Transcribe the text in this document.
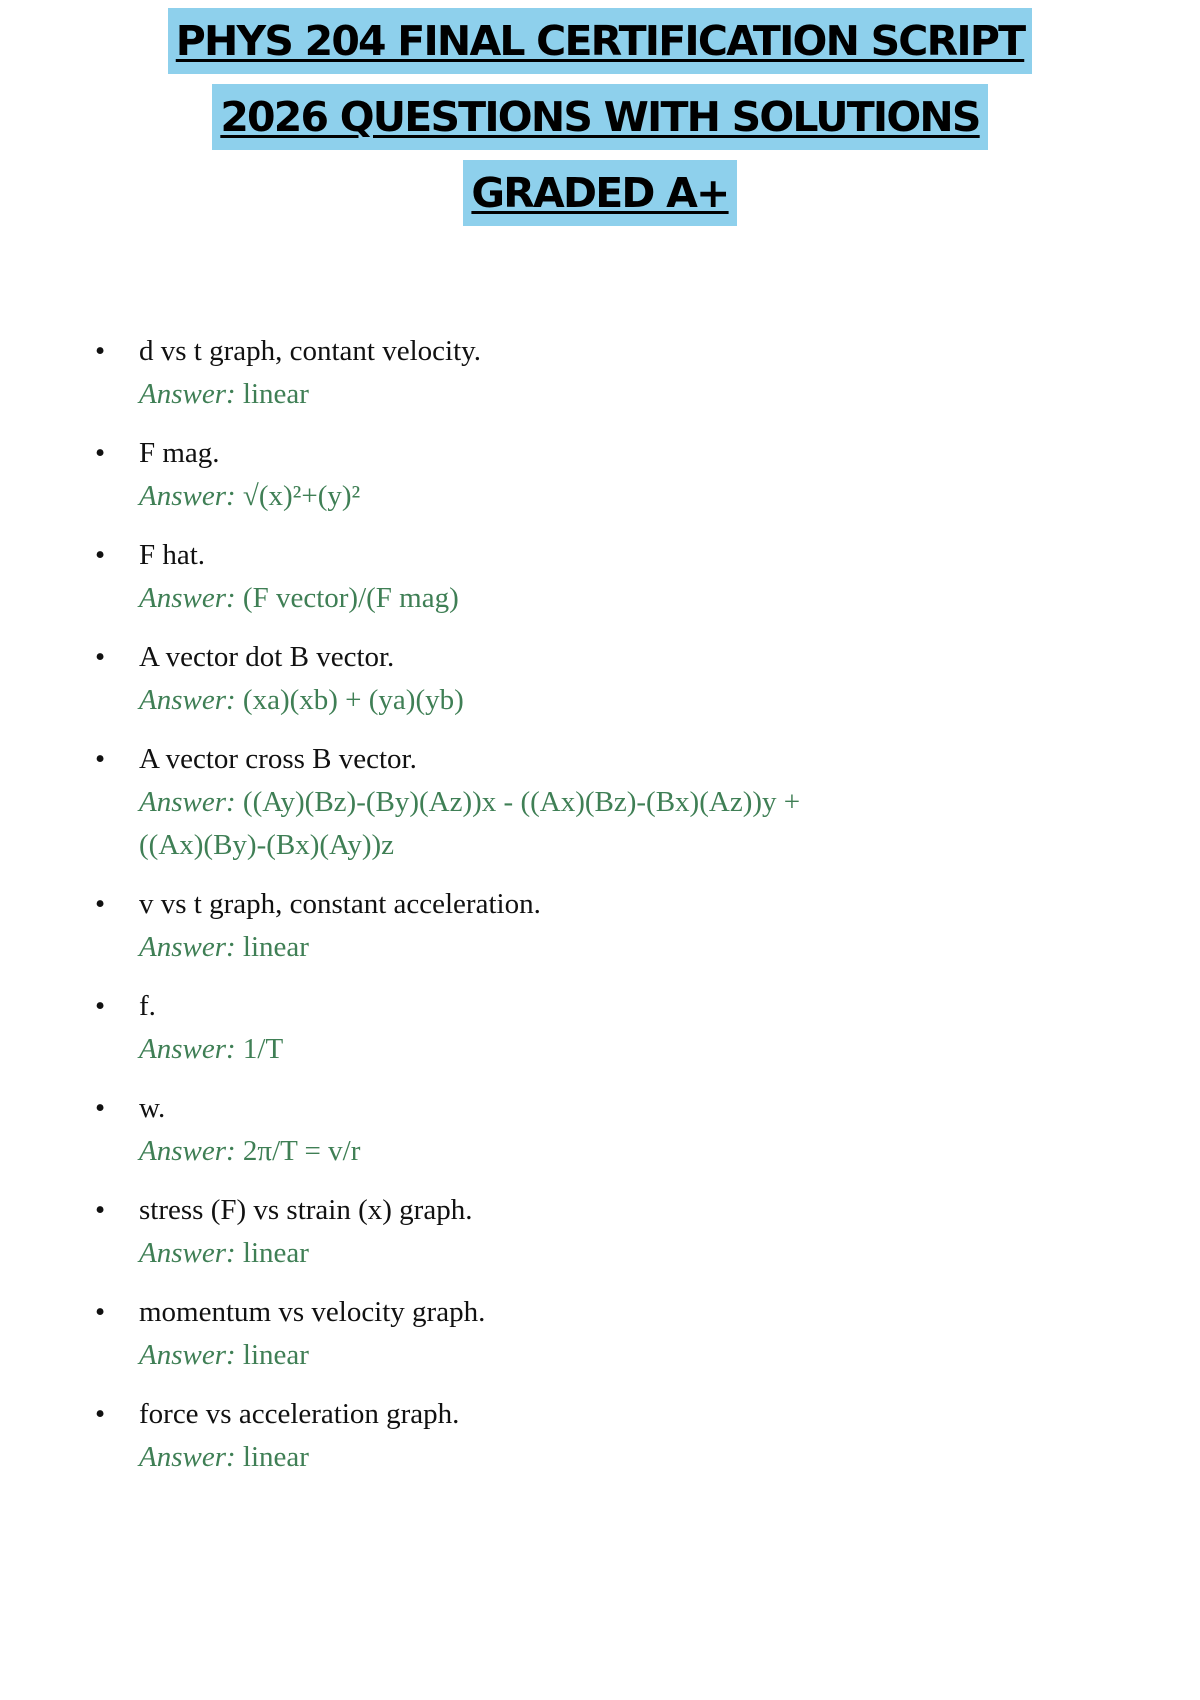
PHYS 204 FINAL CERTIFICATION SCRIPT
2026 QUESTIONS WITH SOLUTIONS
GRADED A+
• d vs t graph, contant velocity.
Answer: linear
• F mag.
Answer: √(x)²+(y)²
• F hat.
Answer: (F vector)/(F mag)
• A vector dot B vector.
Answer: (xa)(xb) + (ya)(yb)
• A vector cross B vector.
Answer: ((Ay)(Bz)-(By)(Az))x - ((Ax)(Bz)-(Bx)(Az))y +
((Ax)(By)-(Bx)(Ay))z
• v vs t graph, constant acceleration.
Answer: linear
• f.
Answer: 1/T
• w.
Answer: 2π/T = v/r
• stress (F) vs strain (x) graph.
Answer: linear
• momentum vs velocity graph.
Answer: linear
• force vs acceleration graph.
Answer: linear
